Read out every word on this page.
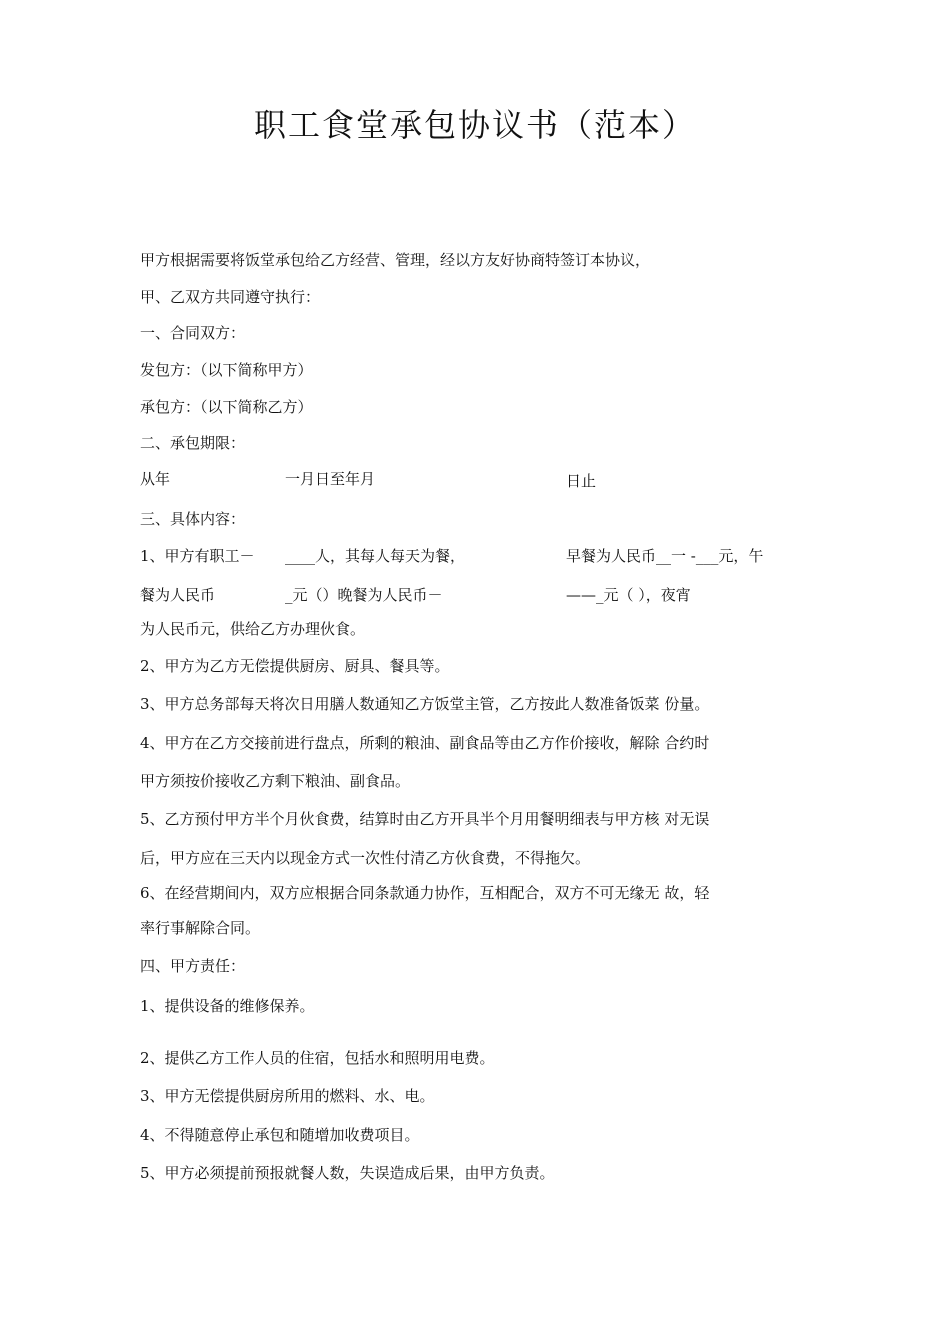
职工食堂承包协议书（范本）
甲方根据需要将饭堂承包给乙方经营、管理，经以方友好协商特签订本协议，
甲、乙双方共同遵守执行：
一、合同双方：
发包方：（以下简称甲方）
承包方：（以下简称乙方）
二、承包期限：
从年	一月日至年月	日止
三、具体内容：
1、甲方有职工－ ____人，其每人每天为餐，	早餐为人民币__一 -___元，午
餐为人民币	_元（）晚餐为人民币－	——_元（ ），夜宵
为人民币元，供给乙方办理伙食。
2、甲方为乙方无偿提供厨房、厨具、餐具等。
3、甲方总务部每天将次日用膳人数通知乙方饭堂主管，乙方按此人数准备饭菜 份量。
4、甲方在乙方交接前进行盘点，所剩的粮油、副食品等由乙方作价接收，解除 合约时
甲方须按价接收乙方剩下粮油、副食品。
5、乙方预付甲方半个月伙食费，结算时由乙方开具半个月用餐明细表与甲方核 对无误
后，甲方应在三天内以现金方式一次性付清乙方伙食费，不得拖欠。
6、在经营期间内，双方应根据合同条款通力协作，互相配合，双方不可无缘无 故，轻
率行事解除合同。
四、甲方责任：
1、提供设备的维修保养。
2、提供乙方工作人员的住宿，包括水和照明用电费。
3、甲方无偿提供厨房所用的燃料、水、电。
4、不得随意停止承包和随增加收费项目。
5、甲方必须提前预报就餐人数，失误造成后果，由甲方负责。
